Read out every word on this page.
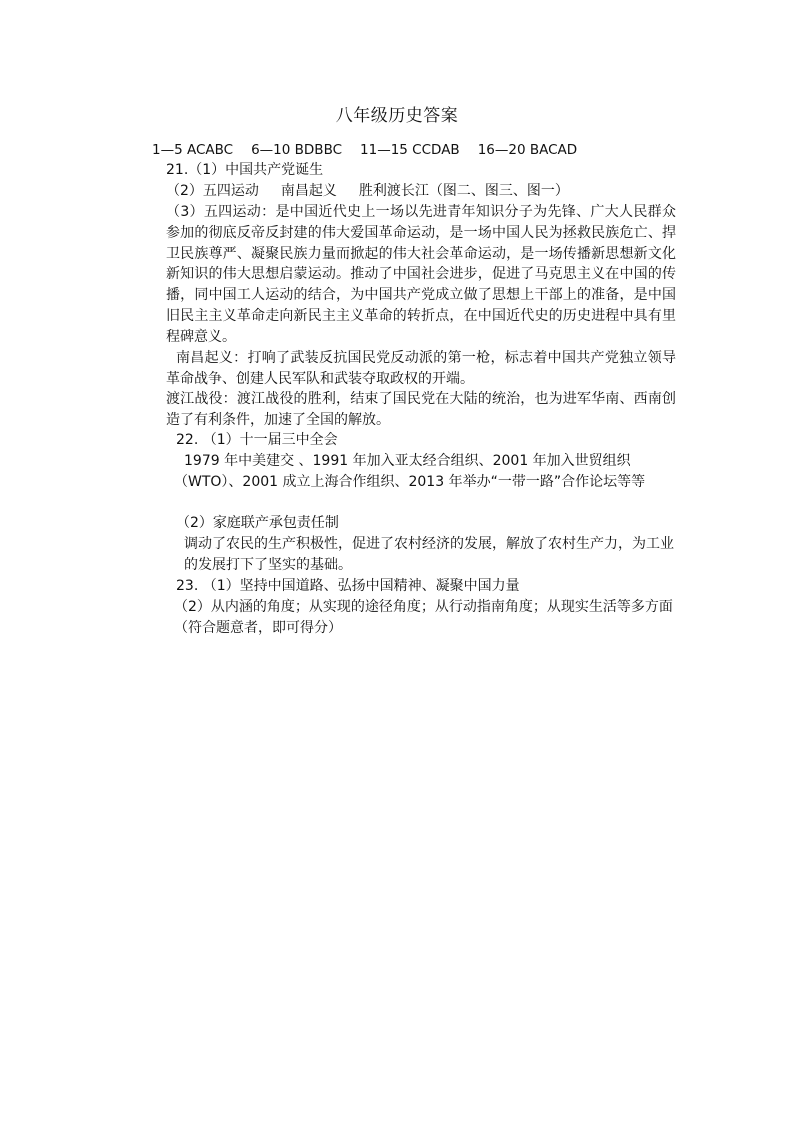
八年级历史答案
1—5 ACABC 6—10 BDBBC 11—15 CCDAB 16—20 BACAD
21.（1）中国共产党诞生
（2）五四运动 南昌起义 胜利渡长江（图二、图三、图一）
（3）五四运动：是中国近代史上一场以先进青年知识分子为先锋、广大人民群众参加的彻底反帝反封建的伟大爱国革命运动，是一场中国人民为拯救民族危亡、捍卫民族尊严、凝聚民族力量而掀起的伟大社会革命运动，是一场传播新思想新文化新知识的伟大思想启蒙运动。推动了中国社会进步，促进了马克思主义在中国的传播，同中国工人运动的结合，为中国共产党成立做了思想上干部上的准备，是中国旧民主主义革命走向新民主主义革命的转折点，在中国近代史的历史进程中具有里程碑意义。
南昌起义：打响了武装反抗国民党反动派的第一枪，标志着中国共产党独立领导革命战争、创建人民军队和武装夺取政权的开端。
渡江战役：渡江战役的胜利，结束了国民党在大陆的统治，也为进军华南、西南创造了有利条件，加速了全国的解放。
22. （1）十一届三中全会
1979 年中美建交 、1991 年加入亚太经合组织、2001 年加入世贸组织（WTO）、2001 成立上海合作组织、2013 年举办“一带一路”合作论坛等等
（2）家庭联产承包责任制
调动了农民的生产积极性，促进了农村经济的发展，解放了农村生产力，为工业的发展打下了坚实的基础。
23. （1）坚持中国道路、弘扬中国精神、凝聚中国力量
（2）从内涵的角度；从实现的途径角度；从行动指南角度；从现实生活等多方面（符合题意者，即可得分）
